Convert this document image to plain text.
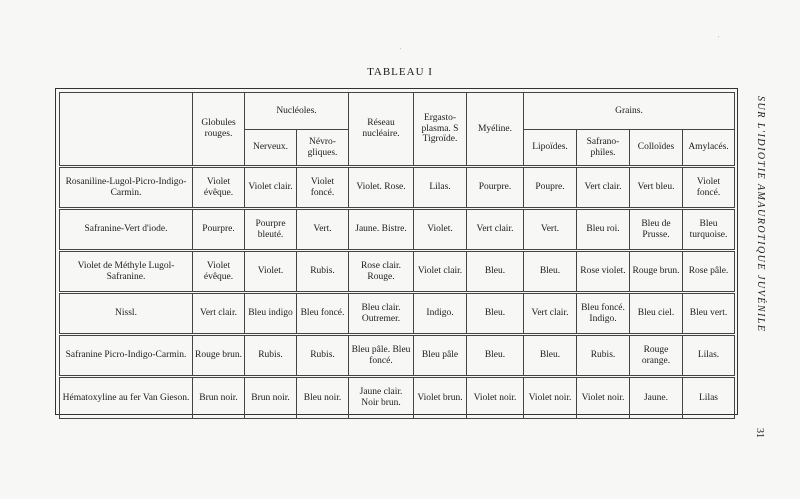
TABLEAU I
	Globules rouges.	Nucléoles.		Réseau nucléaire.	Ergasto-plasma. S Tigroïde.	Myéline.	Grains.			
		Nerveux.	Névro-gliques.				Lipoïdes.	Safrano-philes.	Colloïdes	Amylacés.
Rosaniline-Lugol-Picro-Indigo-Carmin.	Violet évêque.	Violet clair.	Violet foncé.	Violet. Rose.	Lilas.	Pourpre.	Poupre.	Vert clair.	Vert bleu.	Violet foncé.
Safranine-Vert d'iode.	Pourpre.	Pourpre bleuté.	Vert.	Jaune. Bistre.	Violet.	Vert clair.	Vert.	Bleu roi.	Bleu de Prusse.	Bleu turquoise.
Violet de Méthyle Lugol-Safranine.	Violet évêque.	Violet.	Rubis.	Rose clair. Rouge.	Violet clair.	Bleu.	Bleu.	Rose violet.	Rouge brun.	Rose pâle.
Nissl.	Vert clair.	Bleu indigo	Bleu foncé.	Bleu clair. Outremer.	Indigo.	Bleu.	Vert clair.	Bleu foncé. Indigo.	Bleu ciel.	Bleu vert.
Safranine Picro-Indigo-Carmin.	Rouge brun.	Rubis.	Rubis.	Bleu pâle. Bleu foncé.	Bleu pâle	Bleu.	Bleu.	Rubis.	Rouge orange.	Lilas.
Hématoxyline au fer Van Gieson.	Brun noir.	Brun noir.	Bleu noir.	Jaune clair. Noir brun.	Violet brun.	Violet noir.	Violet noir.	Violet noir.	Jaune.	Lilas
SUR L'IDIOTIE AMAUROTIQUE JUVÉNILE
31
'
'
